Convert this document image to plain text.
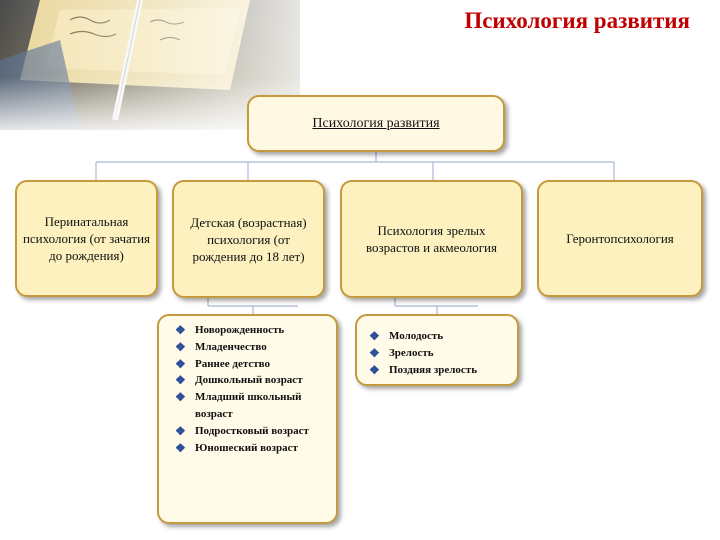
Психология развития
Психология развития
Перинатальная психология (от зачатия до рождения)
Детская (возрастная) психология (от рождения до 18 лет)
Психология зрелых возрастов и акмеология
Геронтопсихология
❖ Новорожденность
❖ Младенчество
❖ Раннее детство
❖ Дошкольный возраст
❖ Младший школьный возраст
❖ Подростковый возраст
❖ Юношеский возраст
❖ Молодость
❖ Зрелость
❖ Поздняя зрелость
